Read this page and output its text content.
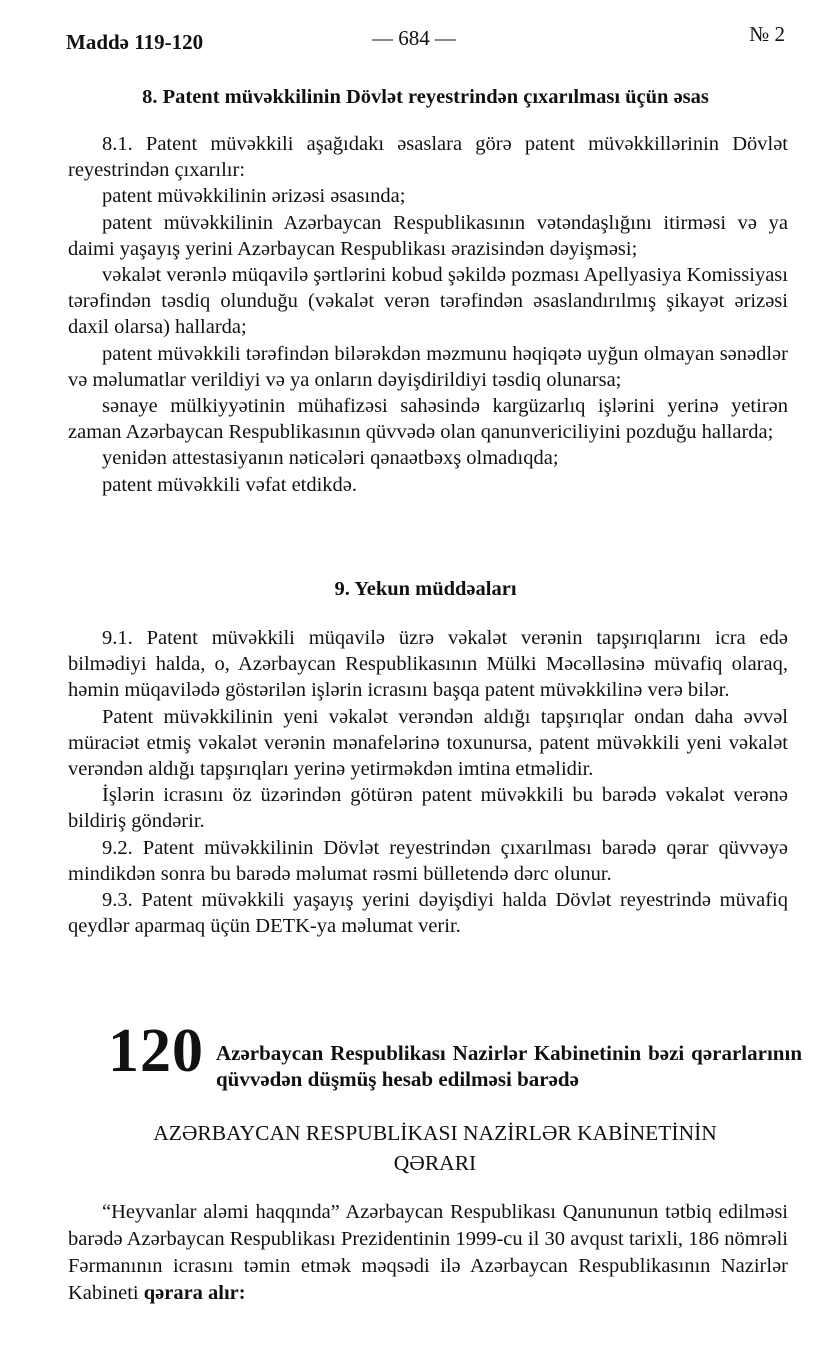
Maddə 119-120	— 684 —	№ 2
8. Patent müvəkkilinin Dövlət reyestrindən çıxarılması üçün əsas

8.1. Patent müvəkkili aşağıdakı əsaslara görə patent müvəkkillərinin Dövlət reyestrindən çıxarılır:

patent müvəkkilinin ərizəsi əsasında;

patent müvəkkilinin Azərbaycan Respublikasının vətəndaşlığını itirməsi və ya daimi yaşayış yerini Azərbaycan Respublikası ərazisindən dəyişməsi;

vəkalət verənlə müqavilə şərtlərini kobud şəkildə pozması Apellyasiya Komissiyası tərəfindən təsdiq olunduğu (vəkalət verən tərəfindən əsaslandırılmış şikayət ərizəsi daxil olarsa) hallarda;

patent müvəkkili tərəfindən bilərəkdən məzmunu həqiqətə uyğun olmayan sənədlər və məlumatlar verildiyi və ya onların dəyişdirildiyi təsdiq olunarsa;

sənaye mülkiyyətinin mühafizəsi sahəsində kargüzarlıq işlərini yerinə yetirən zaman Azərbaycan Respublikasının qüvvədə olan qanunvericiliyini pozduğu hallarda;

yenidən attestasiyanın nəticələri qənaətbəxş olmadıqda;

patent müvəkkili vəfat etdikdə.

9. Yekun müddəaları

9.1. Patent müvəkkili müqavilə üzrə vəkalət verənin tapşırıqlarını icra edə bilmədiyi halda, o, Azərbaycan Respublikasının Mülki Məcəlləsinə müvafiq olaraq, həmin müqavilədə göstərilən işlərin icrasını başqa patent müvəkkilinə verə bilər.

Patent müvəkkilinin yeni vəkalət verəndən aldığı tapşırıqlar ondan daha əvvəl müraciət etmiş vəkalət verənin mənafelərinə toxunursa, patent müvəkkili yeni vəkalət verəndən aldığı tapşırıqları yerinə yetirməkdən imtina etməlidir.

İşlərin icrasını öz üzərindən götürən patent müvəkkili bu barədə vəkalət verənə bildiriş göndərir.

9.2. Patent müvəkkilinin Dövlət reyestrindən çıxarılması barədə qərar qüvvəyə mindikdən sonra bu barədə məlumat rəsmi bülletendə dərc olunur.

9.3. Patent müvəkkili yaşayış yerini dəyişdiyi halda Dövlət reyestrində müvafiq qeydlər aparmaq üçün DETK-ya məlumat verir.

120 Azərbaycan Respublikası Nazirlər Kabinetinin bəzi qərarlarının qüvvədən düşmüş hesab edilməsi barədə
AZƏRBAYCAN RESPUBLİKASI NAZİRLƏR KABİNETİNİN
QƏRARI

“Heyvanlar aləmi haqqında” Azərbaycan Respublikası Qanununun tətbiq edilməsi barədə Azərbaycan Respublikası Prezidentinin 1999-cu il 30 avqust tarixli, 186 nömrəli Fərmanının icrasını təmin etmək məqsədi ilə Azərbaycan Respublikasının Nazirlər Kabineti qərara alır:
